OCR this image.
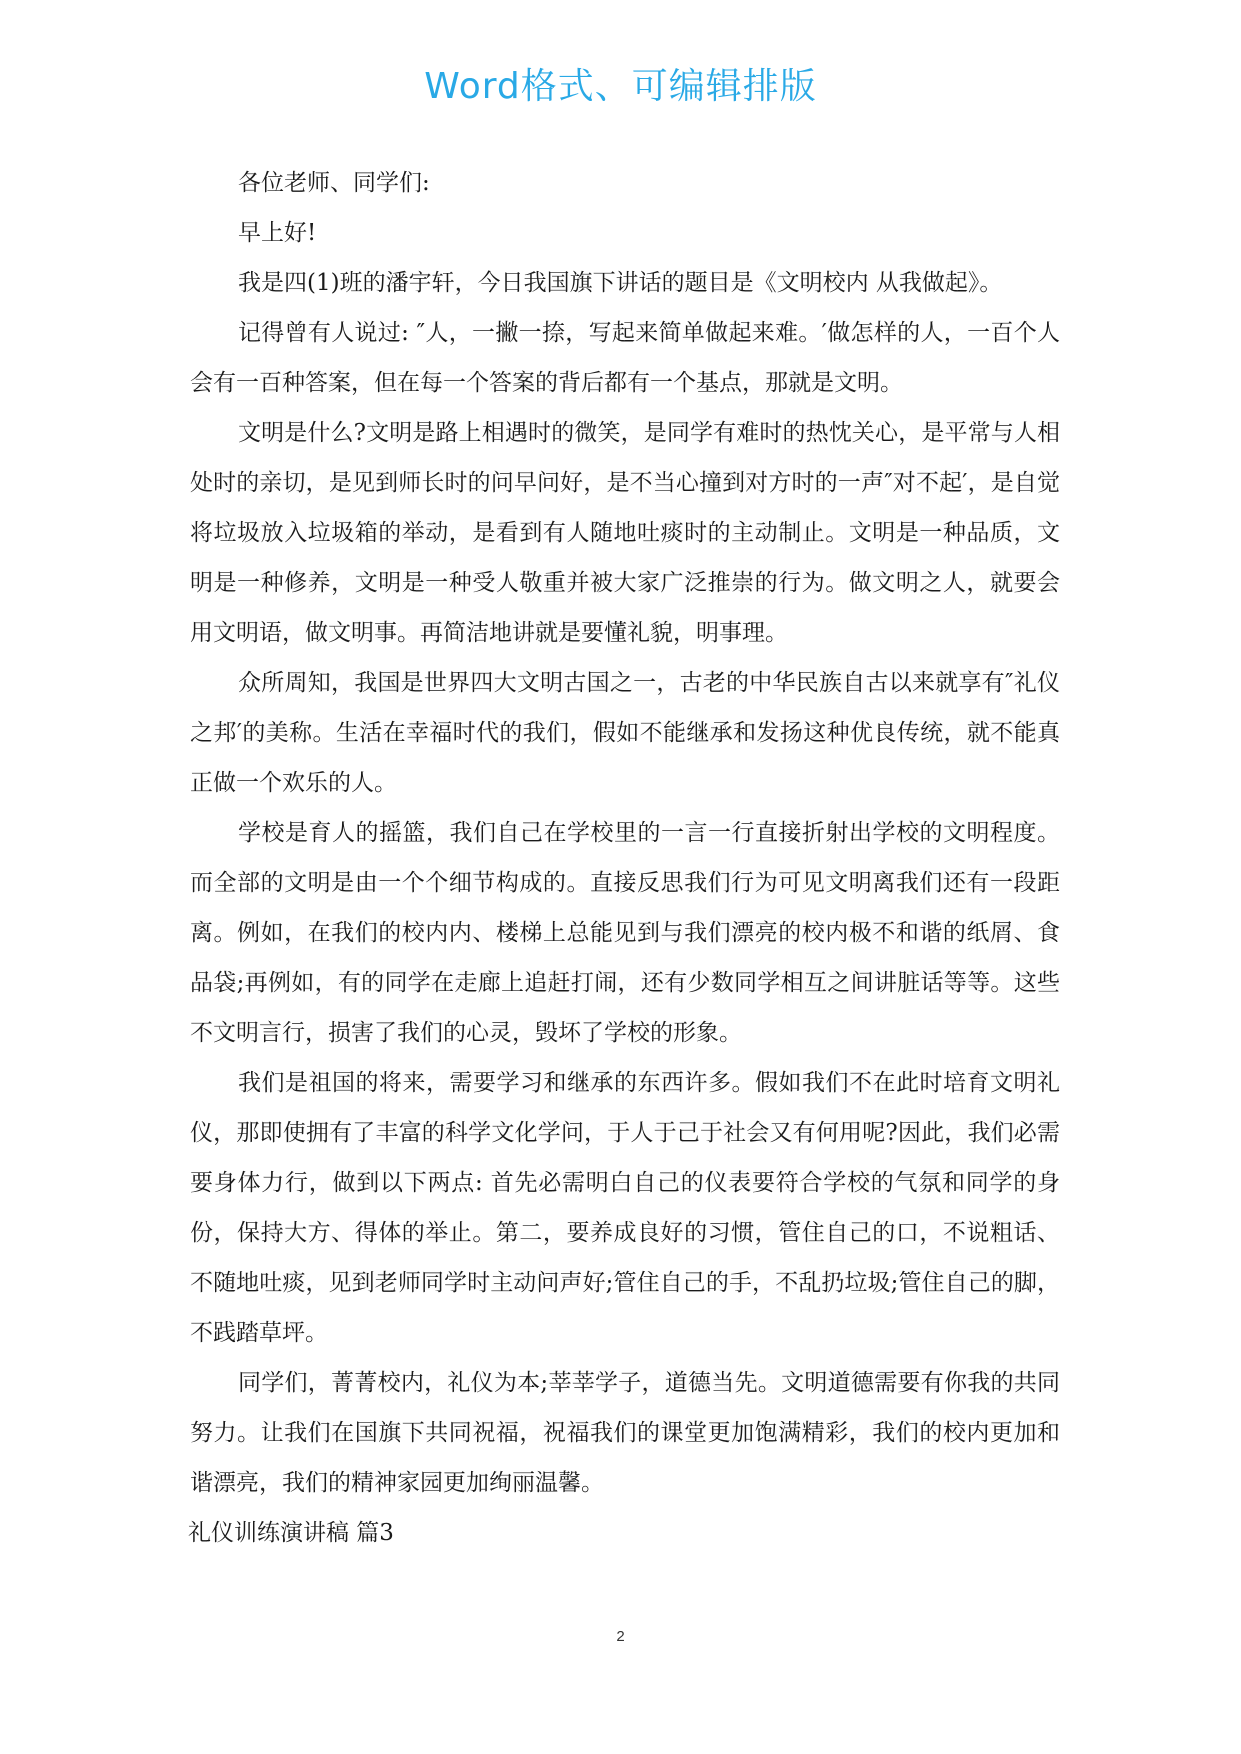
Word格式、可编辑排版

各位老师、同学们:

早上好!

我是四(1)班的潘宇轩，今日我国旗下讲话的题目是《文明校内 从我做起》。

记得曾有人说过: ″人，一撇一捺，写起来简单做起来难。′做怎样的人，一百个人会有一百种答案，但在每一个答案的背后都有一个基点，那就是文明。

文明是什么?文明是路上相遇时的微笑，是同学有难时的热忱关心，是平常与人相处时的亲切，是见到师长时的问早问好，是不当心撞到对方时的一声″对不起′，是自觉将垃圾放入垃圾箱的举动，是看到有人随地吐痰时的主动制止。文明是一种品质，文明是一种修养，文明是一种受人敬重并被大家广泛推崇的行为。做文明之人，就要会用文明语，做文明事。再简洁地讲就是要懂礼貌，明事理。

众所周知，我国是世界四大文明古国之一，古老的中华民族自古以来就享有″礼仪之邦′的美称。生活在幸福时代的我们，假如不能继承和发扬这种优良传统，就不能真正做一个欢乐的人。

学校是育人的摇篮，我们自己在学校里的一言一行直接折射出学校的文明程度。而全部的文明是由一个个细节构成的。直接反思我们行为可见文明离我们还有一段距离。例如，在我们的校内内、楼梯上总能见到与我们漂亮的校内极不和谐的纸屑、食品袋;再例如，有的同学在走廊上追赶打闹，还有少数同学相互之间讲脏话等等。这些不文明言行，损害了我们的心灵，毁坏了学校的形象。

我们是祖国的将来，需要学习和继承的东西许多。假如我们不在此时培育文明礼仪，那即使拥有了丰富的科学文化学问，于人于己于社会又有何用呢?因此，我们必需要身体力行，做到以下两点: 首先必需明白自己的仪表要符合学校的气氛和同学的身份，保持大方、得体的举止。第二，要养成良好的习惯，管住自己的口，不说粗话、不随地吐痰，见到老师同学时主动问声好;管住自己的手，不乱扔垃圾;管住自己的脚，不践踏草坪。

同学们，菁菁校内，礼仪为本;莘莘学子，道德当先。文明道德需要有你我的共同努力。让我们在国旗下共同祝福，祝福我们的课堂更加饱满精彩，我们的校内更加和谐漂亮，我们的精神家园更加绚丽温馨。

礼仪训练演讲稿 篇3

2
